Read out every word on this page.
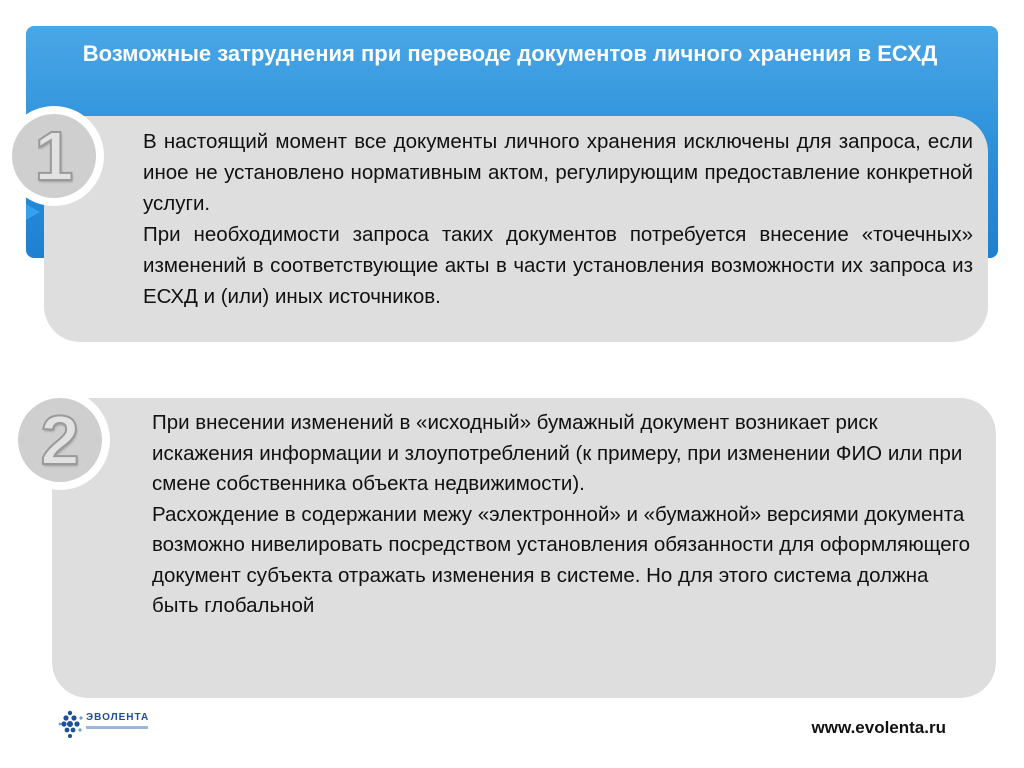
Возможные затруднения при переводе документов личного хранения в ЕСХД

В настоящий момент все документы личного хранения исключены для запроса, если иное не установлено нормативным актом, регулирующим предоставление конкретной услуги.

При необходимости запроса таких документов потребуется внесение «точечных» изменений в соответствующие акты в части установления возможности их запроса из ЕСХД и (или) иных источников.

1

При внесении изменений в «исходный» бумажный документ возникает риск искажения информации и злоупотреблений (к примеру, при изменении ФИО или при смене собственника объекта недвижимости).

Расхождение в содержании межу «электронной» и «бумажной» версиями документа возможно нивелировать посредством установления обязанности для оформляющего документ субъекта отражать изменения в системе. Но для этого система должна быть глобальной

2
ЭВОЛЕНТА
www.evolenta.ru
